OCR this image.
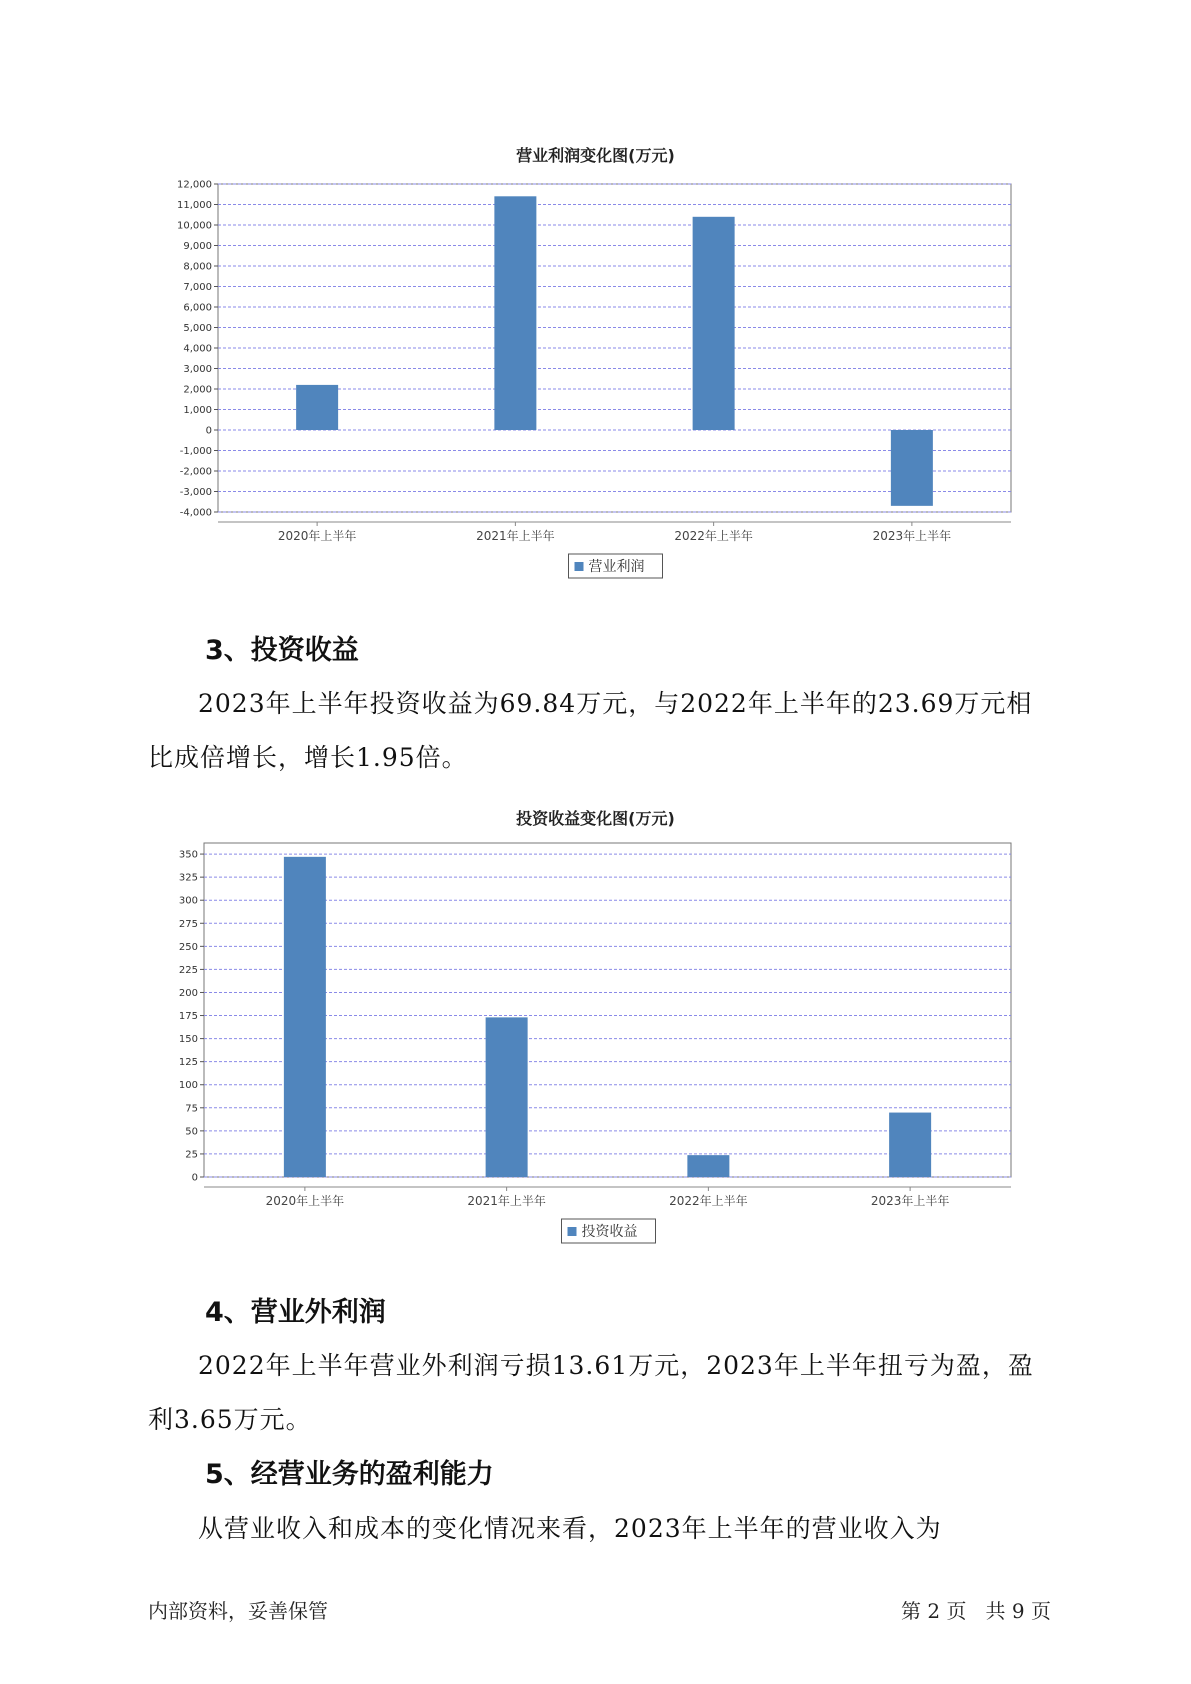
营业利润变化图(万元)
12,000
11,000
10,000
9,000
8,000
7,000
6,000
5,000
4,000
3,000
2,000
1,000
0
-1,000
-2,000
-3,000
-4,000
2020年上半年	2021年上半年	2022年上半年	2023年上半年
营业利润
3、投资收益
2023年上半年投资收益为69.84万元，与2022年上半年的23.69万元相比成倍增长，增长1.95倍。
投资收益变化图(万元)
350
325
300
275
250
225
200
175
150
125
100
75
50
25
0
2020年上半年	2021年上半年	2022年上半年	2023年上半年
投资收益
4、营业外利润
2022年上半年营业外利润亏损13.61万元，2023年上半年扭亏为盈，盈利3.65万元。
5、经营业务的盈利能力
从营业收入和成本的变化情况来看，2023年上半年的营业收入为
内部资料，妥善保管	第 2 页   共 9 页
